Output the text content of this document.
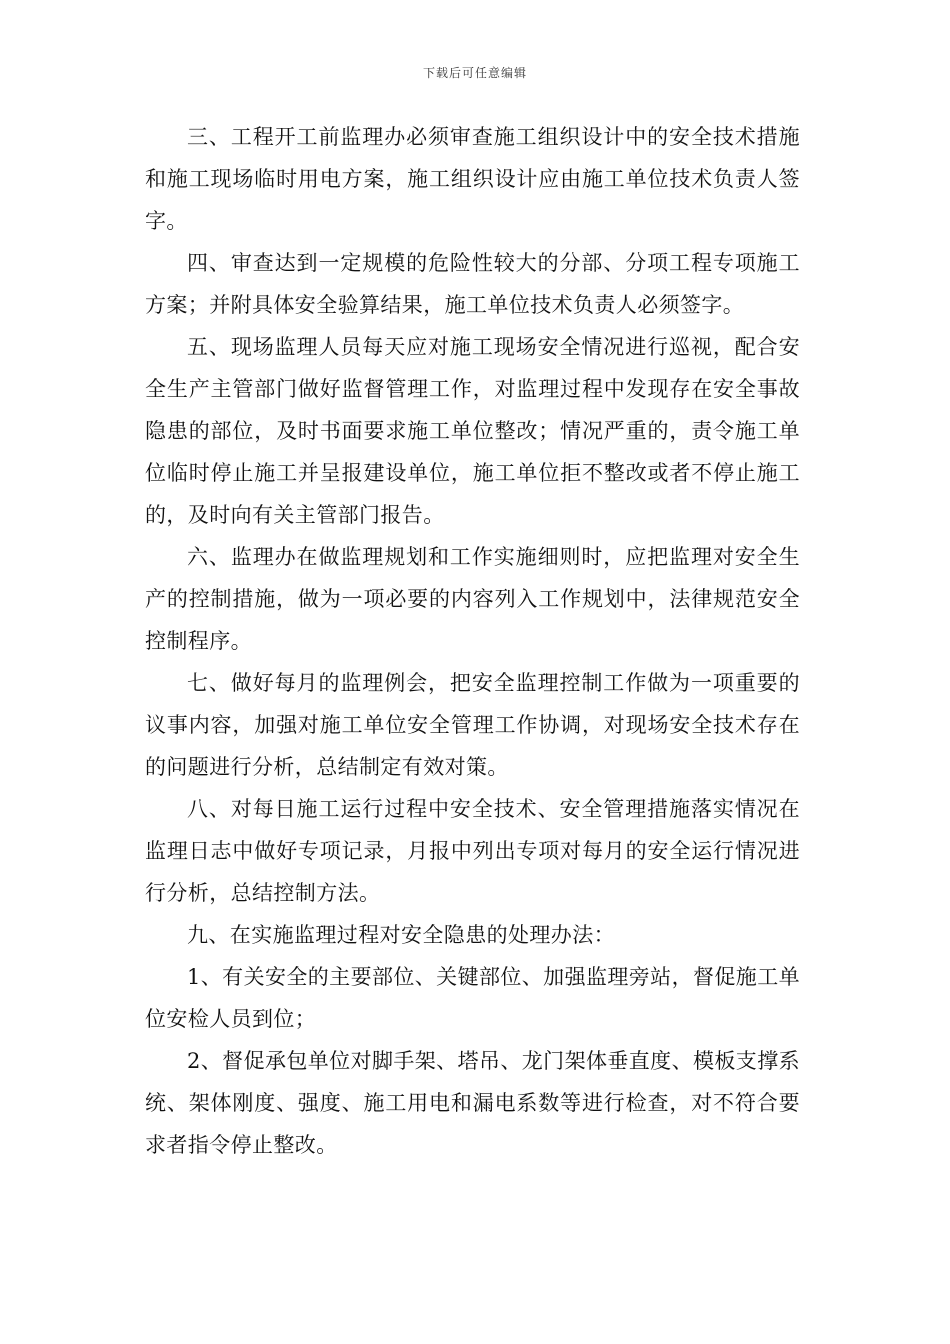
下载后可任意编辑

三、工程开工前监理办必须审查施工组织设计中的安全技术措施和施工现场临时用电方案，施工组织设计应由施工单位技术负责人签字。

四、审查达到一定规模的危险性较大的分部、分项工程专项施工方案；并附具体安全验算结果，施工单位技术负责人必须签字。

五、现场监理人员每天应对施工现场安全情况进行巡视，配合安全生产主管部门做好监督管理工作，对监理过程中发现存在安全事故隐患的部位，及时书面要求施工单位整改；情况严重的，责令施工单位临时停止施工并呈报建设单位，施工单位拒不整改或者不停止施工的，及时向有关主管部门报告。

六、监理办在做监理规划和工作实施细则时，应把监理对安全生产的控制措施，做为一项必要的内容列入工作规划中，法律规范安全控制程序。

七、做好每月的监理例会，把安全监理控制工作做为一项重要的议事内容，加强对施工单位安全管理工作协调，对现场安全技术存在的问题进行分析，总结制定有效对策。

八、对每日施工运行过程中安全技术、安全管理措施落实情况在监理日志中做好专项记录，月报中列出专项对每月的安全运行情况进行分析，总结控制方法。

九、在实施监理过程对安全隐患的处理办法：

1、有关安全的主要部位、关键部位、加强监理旁站，督促施工单位安检人员到位；

2、督促承包单位对脚手架、塔吊、龙门架体垂直度、模板支撑系统、架体刚度、强度、施工用电和漏电系数等进行检查，对不符合要求者指令停止整改。
